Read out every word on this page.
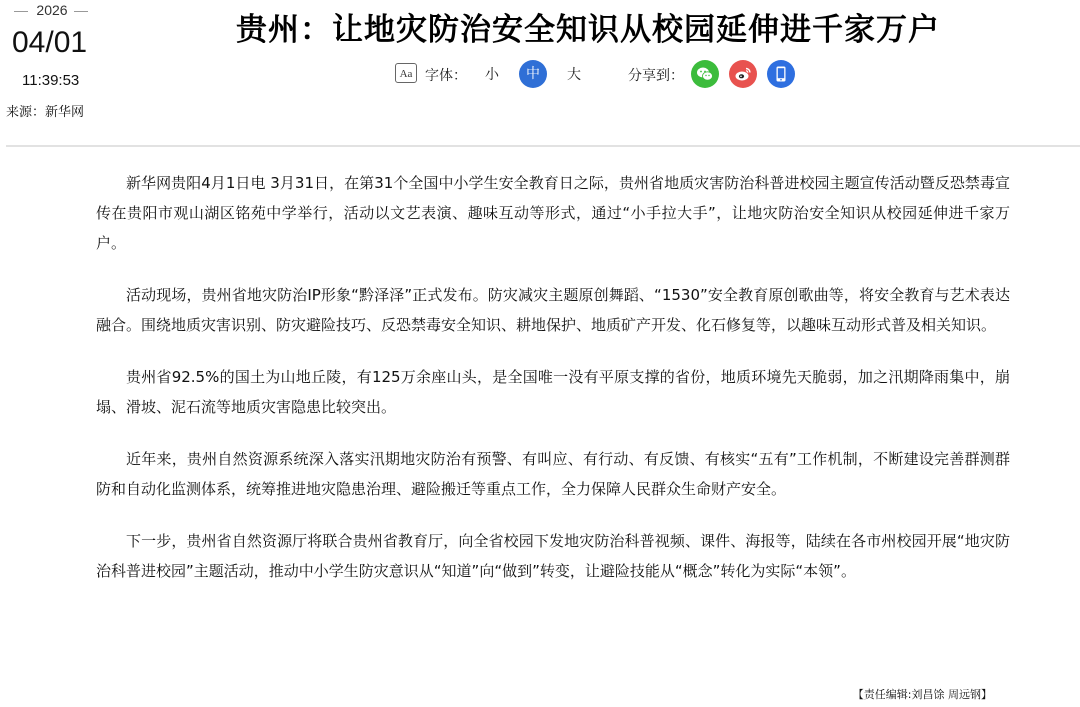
2026
04/01
11:39:53
来源：新华网
贵州：让地灾防治安全知识从校园延伸进千家万户
Aa 字体： 小	中	大	分享到：

新华网贵阳4月1日电 3月31日，在第31个全国中小学生安全教育日之际，贵州省地质灾害防治科普进校园主题宣传活动暨反恐禁毒宣传在贵阳市观山湖区铭苑中学举行，活动以文艺表演、趣味互动等形式，通过“小手拉大手”，让地灾防治安全知识从校园延伸进千家万户。

活动现场，贵州省地灾防治IP形象“黔泽泽”正式发布。防灾减灾主题原创舞蹈、“1530”安全教育原创歌曲等，将安全教育与艺术表达融合。围绕地质灾害识别、防灾避险技巧、反恐禁毒安全知识、耕地保护、地质矿产开发、化石修复等，以趣味互动形式普及相关知识。

贵州省92.5%的国土为山地丘陵，有125万余座山头，是全国唯一没有平原支撑的省份，地质环境先天脆弱，加之汛期降雨集中，崩塌、滑坡、泥石流等地质灾害隐患比较突出。

近年来，贵州自然资源系统深入落实汛期地灾防治有预警、有叫应、有行动、有反馈、有核实“五有”工作机制，不断建设完善群测群防和自动化监测体系，统筹推进地灾隐患治理、避险搬迁等重点工作，全力保障人民群众生命财产安全。

下一步，贵州省自然资源厅将联合贵州省教育厅，向全省校园下发地灾防治科普视频、课件、海报等，陆续在各市州校园开展“地灾防治科普进校园”主题活动，推动中小学生防灾意识从“知道”向“做到”转变，让避险技能从“概念”转化为实际“本领”。

【责任编辑:刘昌馀 周远钢】
